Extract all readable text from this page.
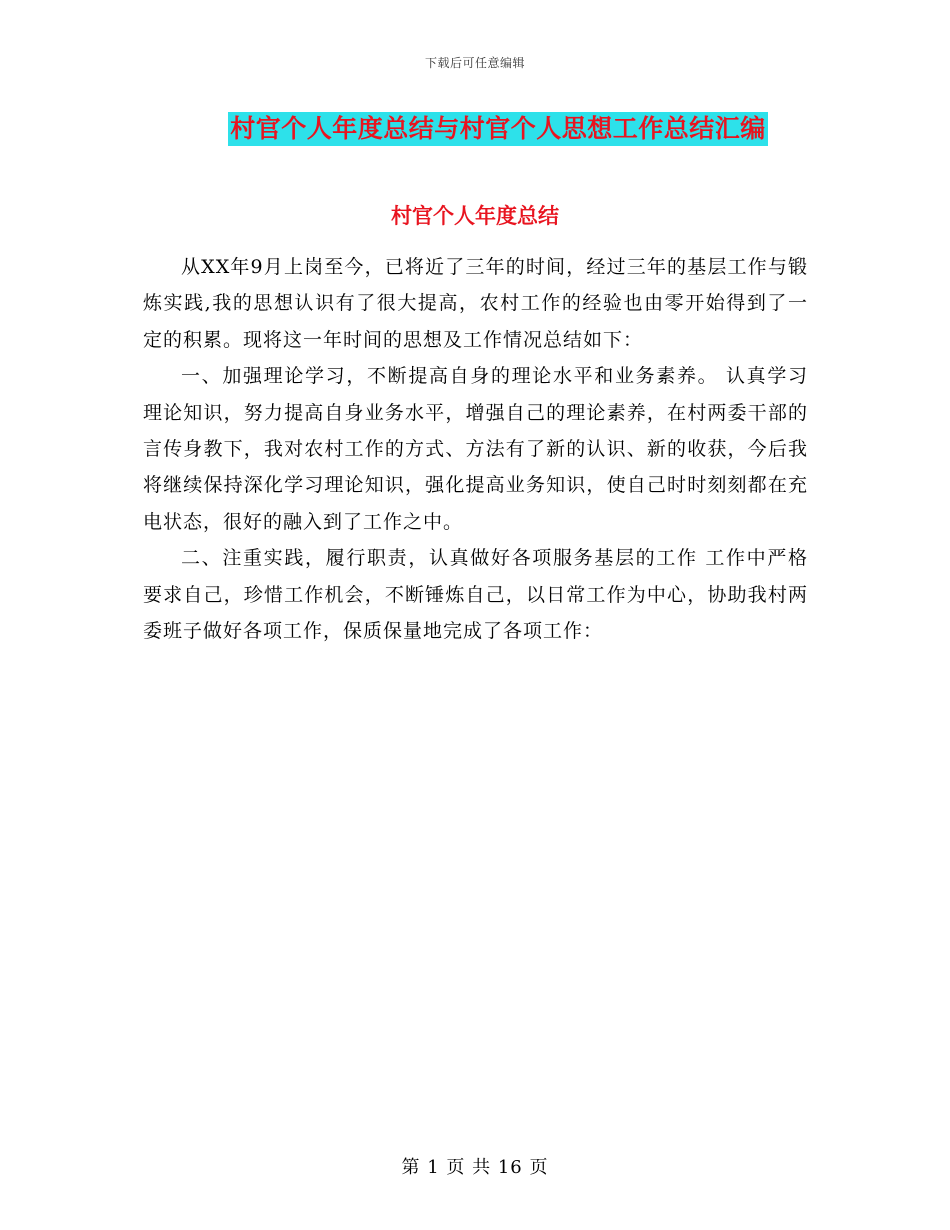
下载后可任意编辑
村官个人年度总结与村官个人思想工作总结汇编
村官个人年度总结

从XX年9月上岗至今，已将近了三年的时间，经过三年的基层工作与锻炼实践,我的思想认识有了很大提高，农村工作的经验也由零开始得到了一定的积累。现将这一年时间的思想及工作情况总结如下：

一、加强理论学习，不断提高自身的理论水平和业务素养。 认真学习理论知识，努力提高自身业务水平，增强自己的理论素养，在村两委干部的言传身教下，我对农村工作的方式、方法有了新的认识、新的收获，今后我将继续保持深化学习理论知识，强化提高业务知识，使自己时时刻刻都在充电状态，很好的融入到了工作之中。

二、注重实践，履行职责，认真做好各项服务基层的工作 工作中严格要求自己，珍惜工作机会，不断锤炼自己，以日常工作为中心，协助我村两委班子做好各项工作，保质保量地完成了各项工作：

第 1 页 共 16 页
